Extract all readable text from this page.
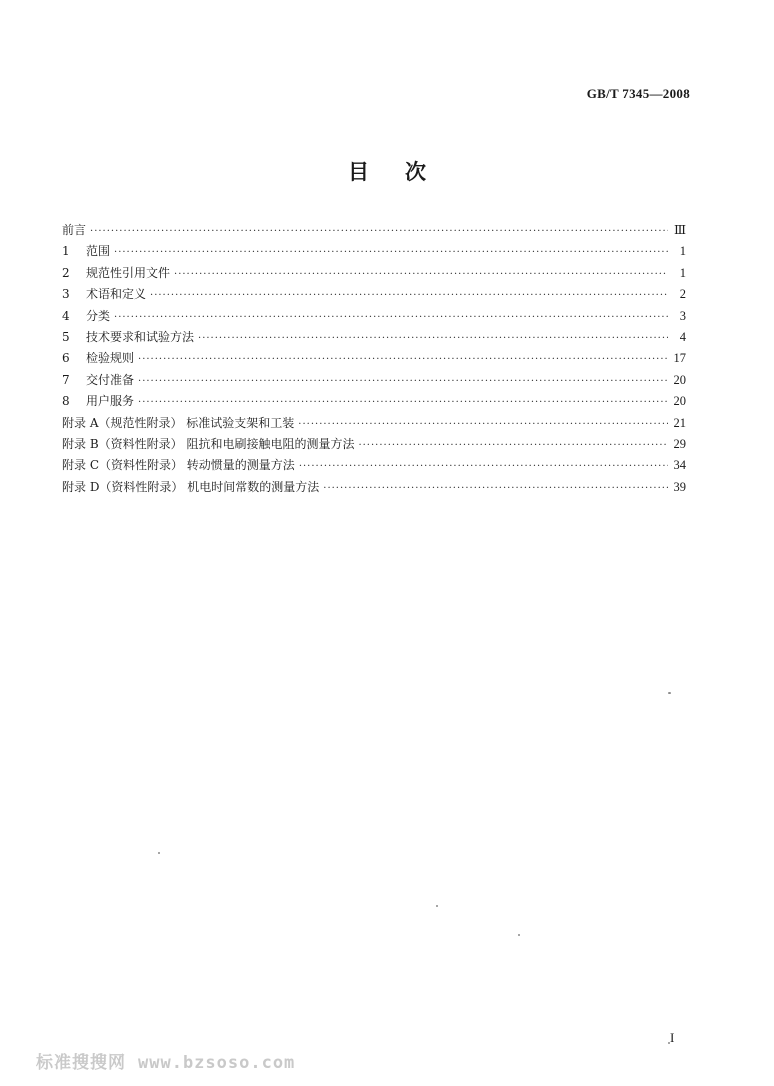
GB/T 7345—2008
目 次
前言 ·····	Ⅲ
1 范围 ·····	1
2 规范性引用文件 ·····	1
3 术语和定义 ·····	2
4 分类 ·····	3
5 技术要求和试验方法 ·····	4
6 检验规则 ·····	17
7 交付准备 ·····	20
8 用户服务 ·····	20
附录 A（规范性附录） 标准试验支架和工装 ·····	21
附录 B（资料性附录） 阻抗和电刷接触电阻的测量方法 ·····	29
附录 C（资料性附录） 转动惯量的测量方法 ·····	34
附录 D（资料性附录） 机电时间常数的测量方法 ·····	39
I
标准搜搜网 www.bzsoso.com
